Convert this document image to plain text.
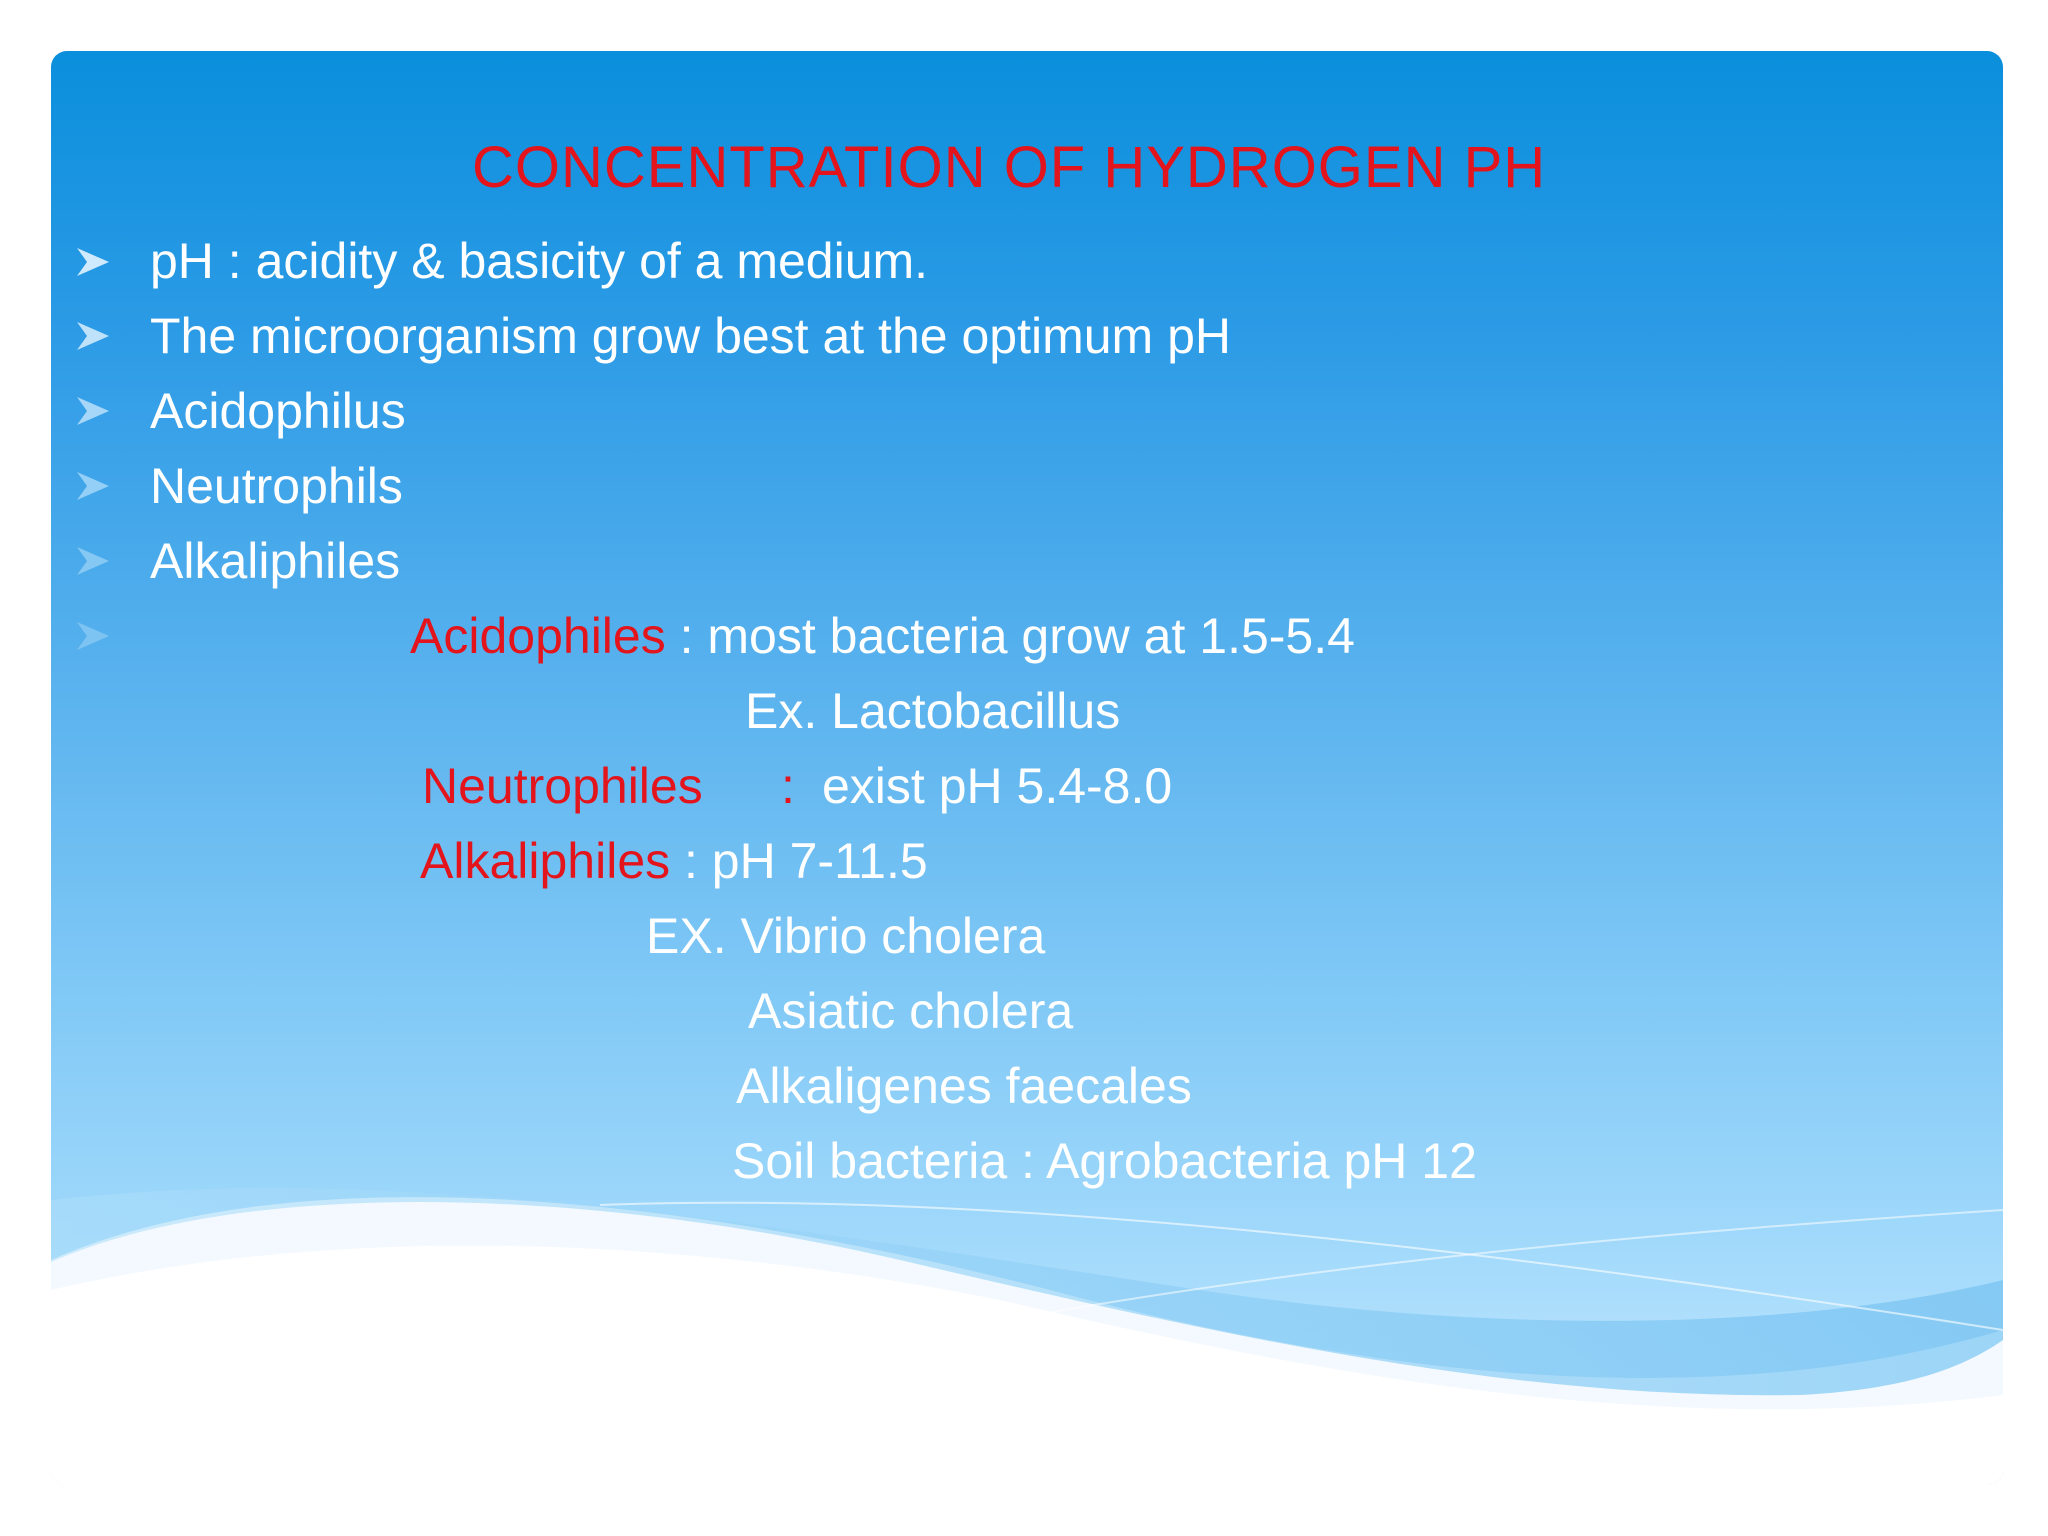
CONCENTRATION OF HYDROGEN PH
pH : acidity & basicity of a medium.
The microorganism grow best at the optimum pH
Acidophilus
Neutrophils
Alkaliphiles
Acidophiles : most bacteria grow at 1.5-5.4
Ex. Lactobacillus
Neutrophiles : exist pH 5.4-8.0
Alkaliphiles : pH 7-11.5
EX. Vibrio cholera
Asiatic cholera
Alkaligenes faecales
Soil bacteria : Agrobacteria pH 12
